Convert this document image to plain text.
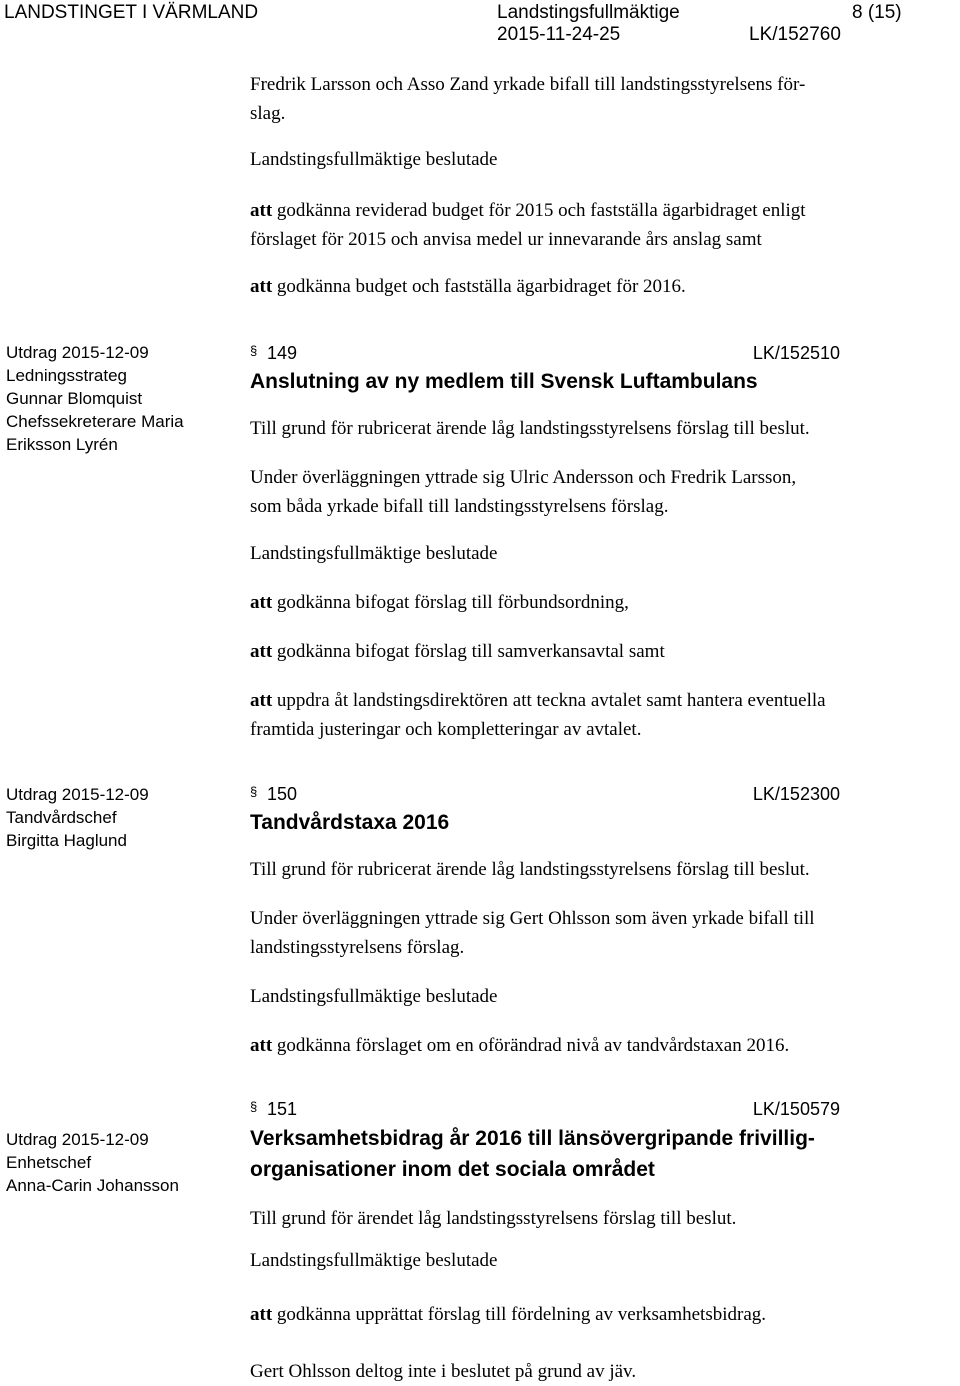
LANDSTINGET I VÄRMLAND	Landstingsfullmäktige
2015-11-24-25	LK/152760
8 (15)
Fredrik Larsson och Asso Zand yrkade bifall till landstingsstyrelsens för-
slag.
Landstingsfullmäktige beslutade
att godkänna reviderad budget för 2015 och fastställa ägarbidraget enligt
förslaget för 2015 och anvisa medel ur innevarande års anslag samt
att godkänna budget och fastställa ägarbidraget för 2016.
Utdrag 2015-12-09
Ledningsstrateg
Gunnar Blomquist
Chefssekreterare Maria
Eriksson Lyrén
§ 149	LK/152510
Anslutning av ny medlem till Svensk Luftambulans
Till grund för rubricerat ärende låg landstingsstyrelsens förslag till beslut.
Under överläggningen yttrade sig Ulric Andersson och Fredrik Larsson,
som båda yrkade bifall till landstingsstyrelsens förslag.
Landstingsfullmäktige beslutade
att godkänna bifogat förslag till förbundsordning,
att godkänna bifogat förslag till samverkansavtal samt
att uppdra åt landstingsdirektören att teckna avtalet samt hantera eventuella
framtida justeringar och kompletteringar av avtalet.
Utdrag 2015-12-09
Tandvårdschef
Birgitta Haglund
§ 150	LK/152300
Tandvårdstaxa 2016
Till grund för rubricerat ärende låg landstingsstyrelsens förslag till beslut.
Under överläggningen yttrade sig Gert Ohlsson som även yrkade bifall till
landstingsstyrelsens förslag.
Landstingsfullmäktige beslutade
att godkänna förslaget om en oförändrad nivå av tandvårdstaxan 2016.
Utdrag 2015-12-09
Enhetschef
Anna-Carin Johansson
§ 151	LK/150579
Verksamhetsbidrag år 2016 till länsövergripande frivillig-
organisationer inom det sociala området
Till grund för ärendet låg landstingsstyrelsens förslag till beslut.
Landstingsfullmäktige beslutade
att godkänna upprättat förslag till fördelning av verksamhetsbidrag.
Gert Ohlsson deltog inte i beslutet på grund av jäv.
